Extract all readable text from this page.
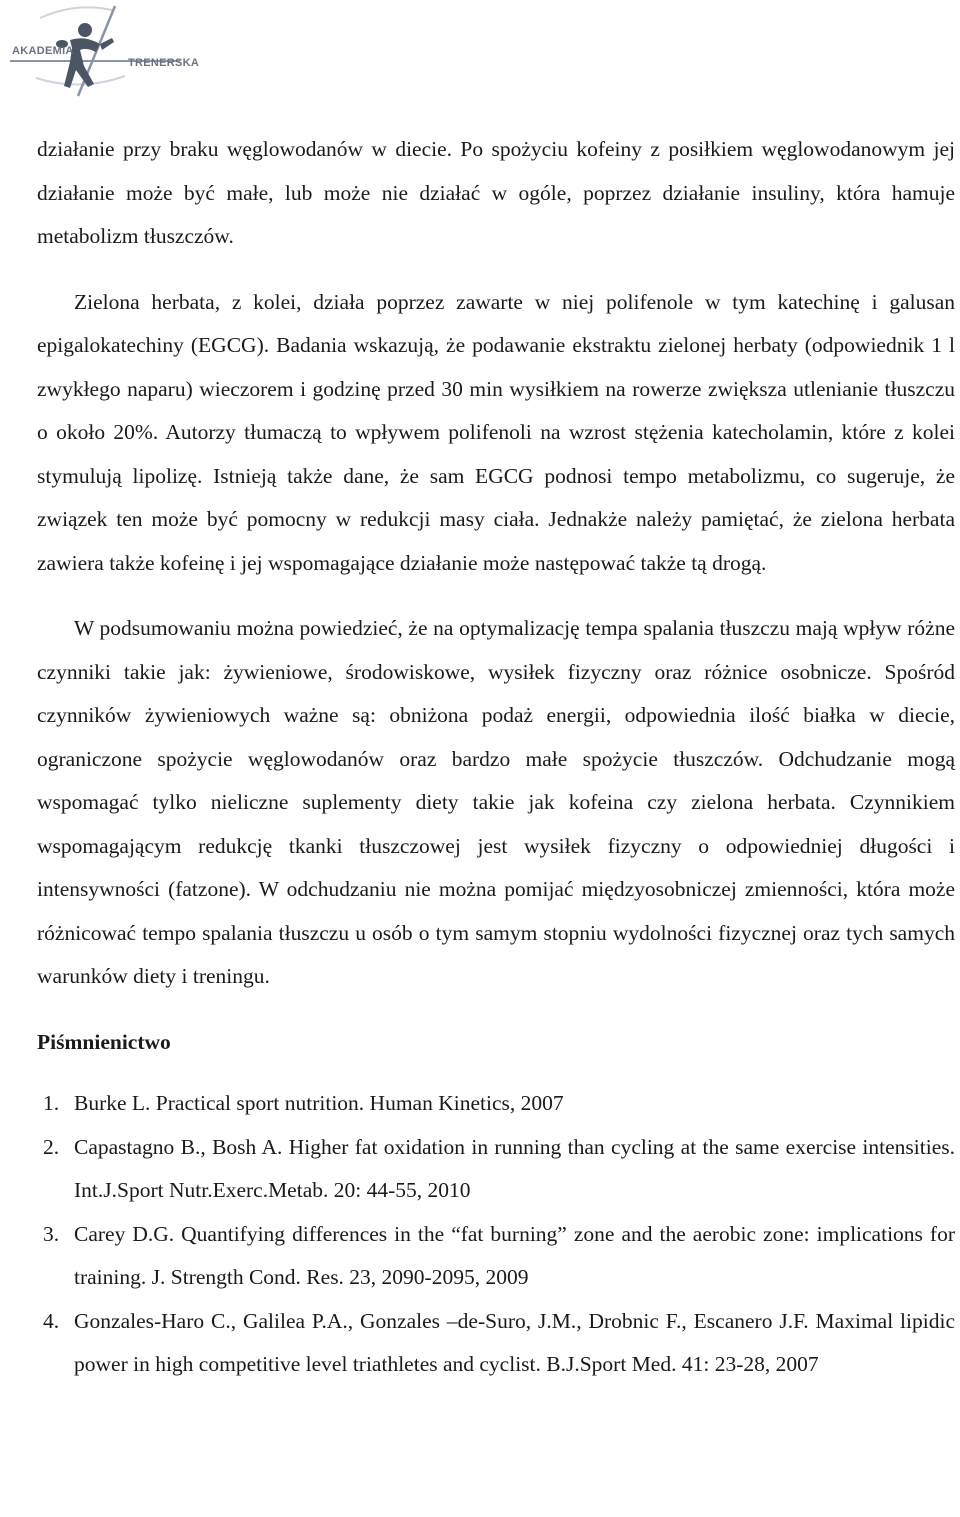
AKADEMIA
TRENERSKA

działanie przy braku węglowodanów w diecie. Po spożyciu kofeiny z posiłkiem węglowodanowym jej działanie może być małe, lub może nie działać w ogóle, poprzez działanie insuliny, która hamuje metabolizm tłuszczów.

Zielona herbata, z kolei, działa poprzez zawarte w niej polifenole w tym katechinę i galusan epigalokatechiny (EGCG). Badania wskazują, że podawanie ekstraktu zielonej herbaty (odpowiednik 1 l zwykłego naparu) wieczorem i godzinę przed 30 min wysiłkiem na rowerze zwiększa utlenianie tłuszczu o około 20%. Autorzy tłumaczą to wpływem polifenoli na wzrost stężenia katecholamin, które z kolei stymulują lipolizę. Istnieją także dane, że sam EGCG podnosi tempo metabolizmu, co sugeruje, że związek ten może być pomocny w redukcji masy ciała. Jednakże należy pamiętać, że zielona herbata zawiera także kofeinę i jej wspomagające działanie może następować także tą drogą.

W podsumowaniu można powiedzieć, że na optymalizację tempa spalania tłuszczu mają wpływ różne czynniki takie jak: żywieniowe, środowiskowe, wysiłek fizyczny oraz różnice osobnicze. Spośród czynników żywieniowych ważne są: obniżona podaż energii, odpowiednia ilość białka w diecie, ograniczone spożycie węglowodanów oraz bardzo małe spożycie tłuszczów. Odchudzanie mogą wspomagać tylko nieliczne suplementy diety takie jak kofeina czy zielona herbata. Czynnikiem wspomagającym redukcję tkanki tłuszczowej jest wysiłek fizyczny o odpowiedniej długości i intensywności (fatzone). W odchudzaniu nie można pomijać międzyosobniczej zmienności, która może różnicować tempo spalania tłuszczu u osób o tym samym stopniu wydolności fizycznej oraz tych samych warunków diety i treningu.

Piśmnienictwo

1. Burke L. Practical sport nutrition. Human Kinetics, 2007
2. Capastagno B., Bosh A. Higher fat oxidation in running than cycling at the same exercise intensities. Int.J.Sport Nutr.Exerc.Metab. 20: 44-55, 2010
3. Carey D.G. Quantifying differences in the “fat burning” zone and the aerobic zone: implications for training. J. Strength Cond. Res. 23, 2090-2095, 2009
4. Gonzales-Haro C., Galilea P.A., Gonzales –de-Suro, J.M., Drobnic F., Escanero J.F. Maximal lipidic power in high competitive level triathletes and cyclist. B.J.Sport Med. 41: 23-28, 2007
